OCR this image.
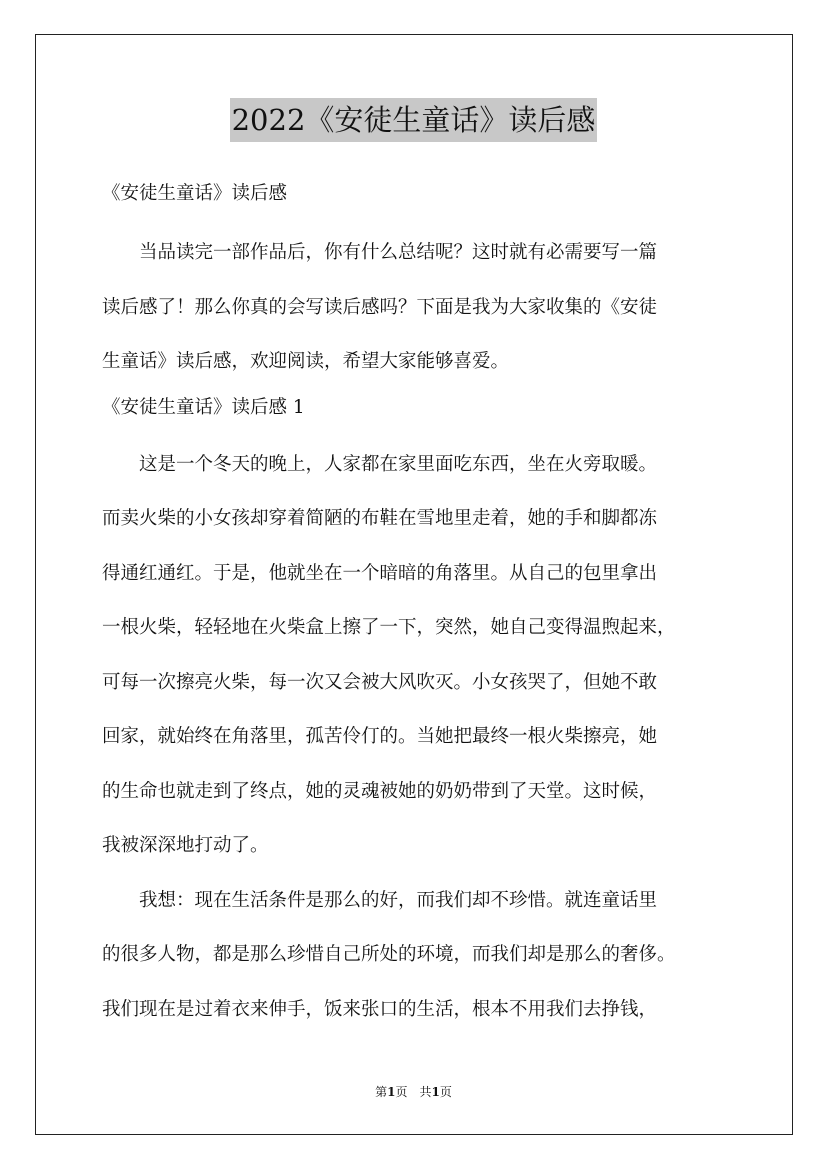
2022《安徒生童话》读后感

《安徒生童话》读后感

当品读完一部作品后，你有什么总结呢？这时就有必需要写一篇
读后感了！那么你真的会写读后感吗？下面是我为大家收集的《安徒
生童话》读后感，欢迎阅读，希望大家能够喜爱。

《安徒生童话》读后感 1

这是一个冬天的晚上，人家都在家里面吃东西，坐在火旁取暖。
而卖火柴的小女孩却穿着简陋的布鞋在雪地里走着，她的手和脚都冻
得通红通红。于是，他就坐在一个暗暗的角落里。从自己的包里拿出
一根火柴，轻轻地在火柴盒上擦了一下，突然，她自己变得温煦起来，
可每一次擦亮火柴，每一次又会被大风吹灭。小女孩哭了，但她不敢
回家，就始终在角落里，孤苦伶仃的。当她把最终一根火柴擦亮，她
的生命也就走到了终点，她的灵魂被她的奶奶带到了天堂。这时候，
我被深深地打动了。
我想：现在生活条件是那么的好，而我们却不珍惜。就连童话里
的很多人物，都是那么珍惜自己所处的环境，而我们却是那么的奢侈。
我们现在是过着衣来伸手，饭来张口的生活，根本不用我们去挣钱，
第1页　共1页
